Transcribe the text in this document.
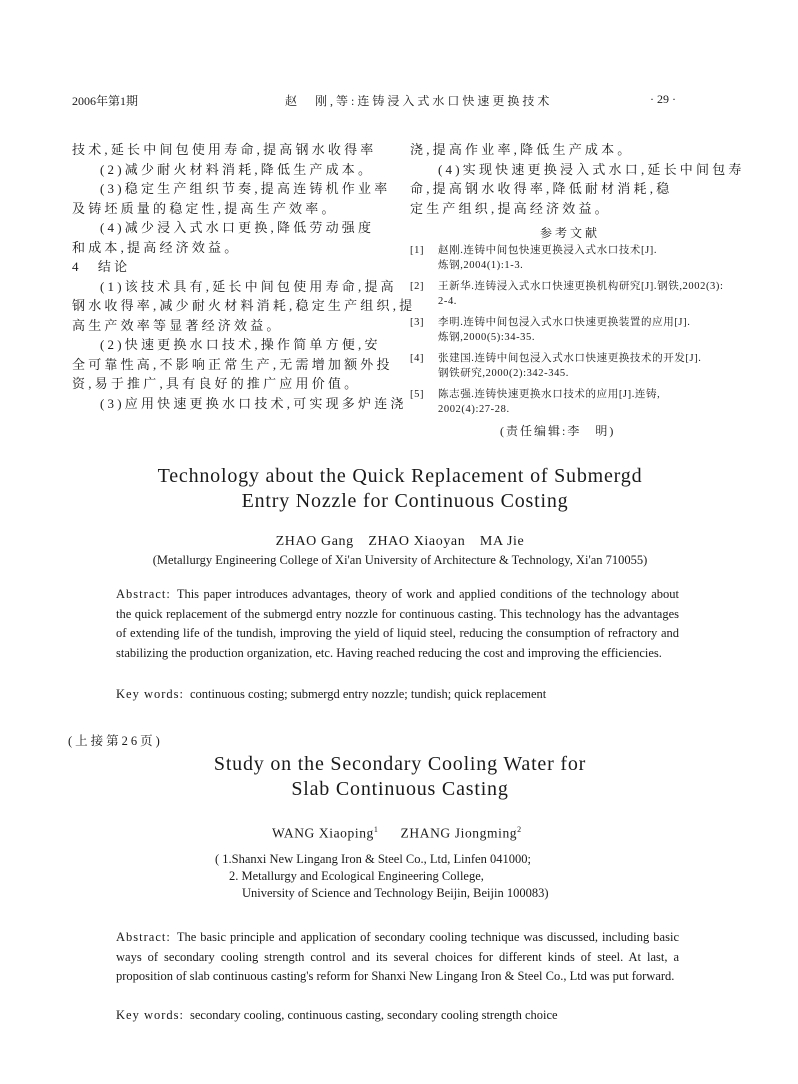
2006年第1期	赵　刚,等:连铸浸入式水口快速更换技术	· 29 ·
技术,延长中间包使用寿命,提高钢水收得率
(2)减少耐火材料消耗,降低生产成本。
(3)稳定生产组织节奏,提高连铸机作业率
及铸坯质量的稳定性,提高生产效率。
(4)减少浸入式水口更换,降低劳动强度
和成本,提高经济效益。
4　结论
(1)该技术具有,延长中间包使用寿命,提高
钢水收得率,减少耐火材料消耗,稳定生产组织,提
高生产效率等显著经济效益。
(2)快速更换水口技术,操作简单方便,安
全可靠性高,不影响正常生产,无需增加额外投
资,易于推广,具有良好的推广应用价值。
(3)应用快速更换水口技术,可实现多炉连浇
浇,提高作业率,降低生产成本。
(4)实现快速更换浸入式水口,延长中间包寿
命,提高钢水收得率,降低耐材消耗,稳
定生产组织,提高经济效益。
参考文献
[1] 赵刚.连铸中间包快速更换浸入式水口技术[J].
炼钢,2004(1):1-3.
[2] 王新华.连铸浸入式水口快速更换机构研究[J].钢铁,2002(3):
2-4.
[3] 李明.连铸中间包浸入式水口快速更换装置的应用[J].
炼钢,2000(5):34-35.
[4] 张建国.连铸中间包浸入式水口快速更换技术的开发[J].
钢铁研究,2000(2):342-345.
[5] 陈志强.连铸快速更换水口技术的应用[J].连铸,
2002(4):27-28.
(责任编辑:李　明)
Technology about the Quick Replacement of Submergd
Entry Nozzle for Continuous Costing
ZHAO Gang　ZHAO Xiaoyan　MA Jie
(Metallurgy Engineering College of Xi'an University of Architecture & Technology, Xi'an 710055)
Abstract: This paper introduces advantages, theory of work and applied conditions of the technology about the quick replacement of the submergd entry nozzle for continuous casting. This technology has the advantages of extending life of the tundish, improving the yield of liquid steel, reducing the consumption of refractory and stabilizing the production organization, etc. Having reached reducing the cost and improving the efficiencies.
Key words: continuous costing; submergd entry nozzle; tundish; quick replacement
(上接第26页)
Study on the Secondary Cooling Water for
Slab Continuous Casting
WANG Xiaoping$^1$ ZHANG Jiongming$^2$
( 1.Shanxi New Lingang Iron & Steel Co., Ltd, Linfen 041000;
2. Metallurgy and Ecological Engineering College,
University of Science and Technology Beijin, Beijin 100083)
Abstract: The basic principle and application of secondary cooling technique was discussed, including basic ways of secondary cooling strength control and its several choices for different kinds of steel. At last, a proposition of slab continuous casting's reform for Shanxi New Lingang Iron & Steel Co., Ltd was put forward.
Key words: secondary cooling, continuous casting, secondary cooling strength choice
